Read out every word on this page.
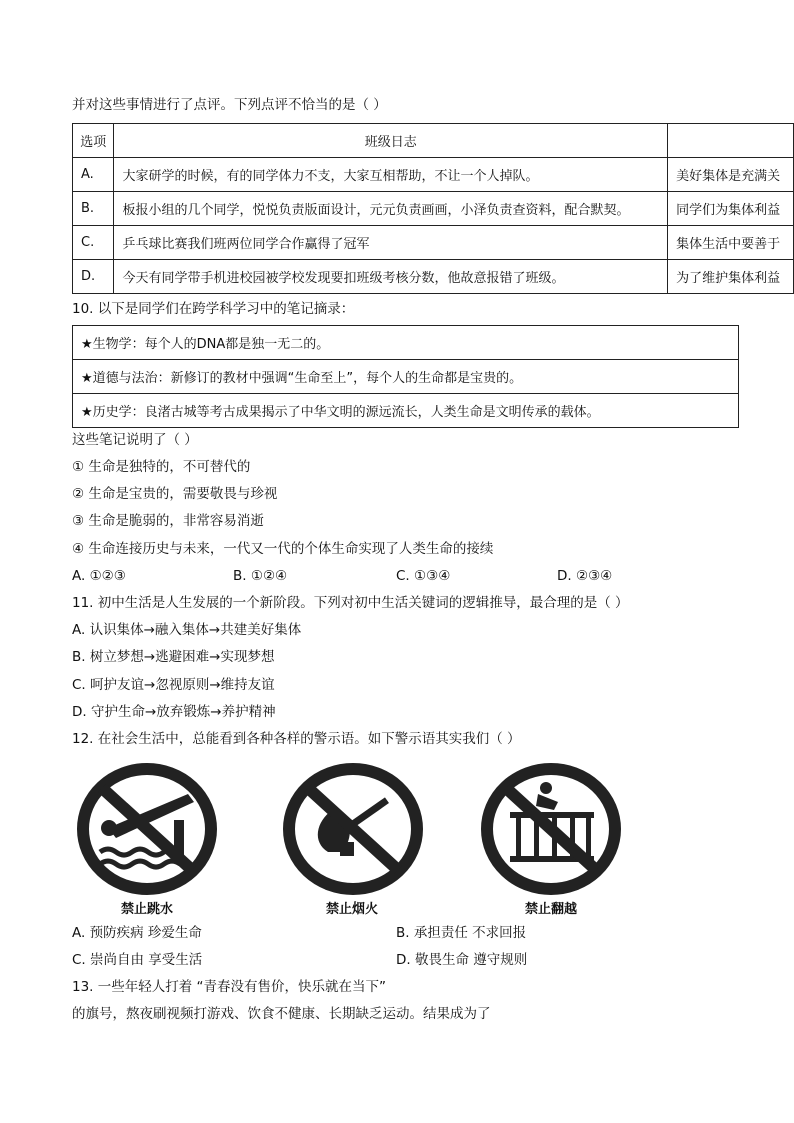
并对这些事情进行了点评。下列点评不恰当的是（ ）
选项	班级日志	
A.	大家研学的时候，有的同学体力不支，大家互相帮助，不让一个人掉队。	美好集体是充满关
B.	板报小组的几个同学，悦悦负责版面设计，元元负责画画，小泽负责查资料，配合默契。	同学们为集体利益
C.	乒乓球比赛我们班两位同学合作赢得了冠军	集体生活中要善于
D.	今天有同学带手机进校园被学校发现要扣班级考核分数，他故意报错了班级。	为了维护集体利益
10. 以下是同学们在跨学科学习中的笔记摘录：
★生物学：每个人的DNA都是独一无二的。
★道德与法治：新修订的教材中强调“生命至上”，每个人的生命都是宝贵的。
★历史学：良渚古城等考古成果揭示了中华文明的源远流长，人类生命是文明传承的载体。
这些笔记说明了（ ）
① 生命是独特的，不可替代的
② 生命是宝贵的，需要敬畏与珍视
③ 生命是脆弱的，非常容易消逝
④ 生命连接历史与未来，一代又一代的个体生命实现了人类生命的接续
A. ①②③	B. ①②④	C. ①③④	D. ②③④
11. 初中生活是人生发展的一个新阶段。下列对初中生活关键词的逻辑推导，最合理的是（ ）
A. 认识集体→融入集体→共建美好集体
B. 树立梦想→逃避困难→实现梦想
C. 呵护友谊→忽视原则→维持友谊
D. 守护生命→放弃锻炼→养护精神
12. 在社会生活中，总能看到各种各样的警示语。如下警示语其实我们（ ）
禁止跳水	禁止烟火	禁止翻越
A. 预防疾病 珍爱生命	B. 承担责任 不求回报
C. 崇尚自由 享受生活	D. 敬畏生命 遵守规则
13. 一些年轻人打着 “青春没有售价，快乐就在当下”
的旗号，熬夜刷视频打游戏、饮食不健康、长期缺乏运动。结果成为了
